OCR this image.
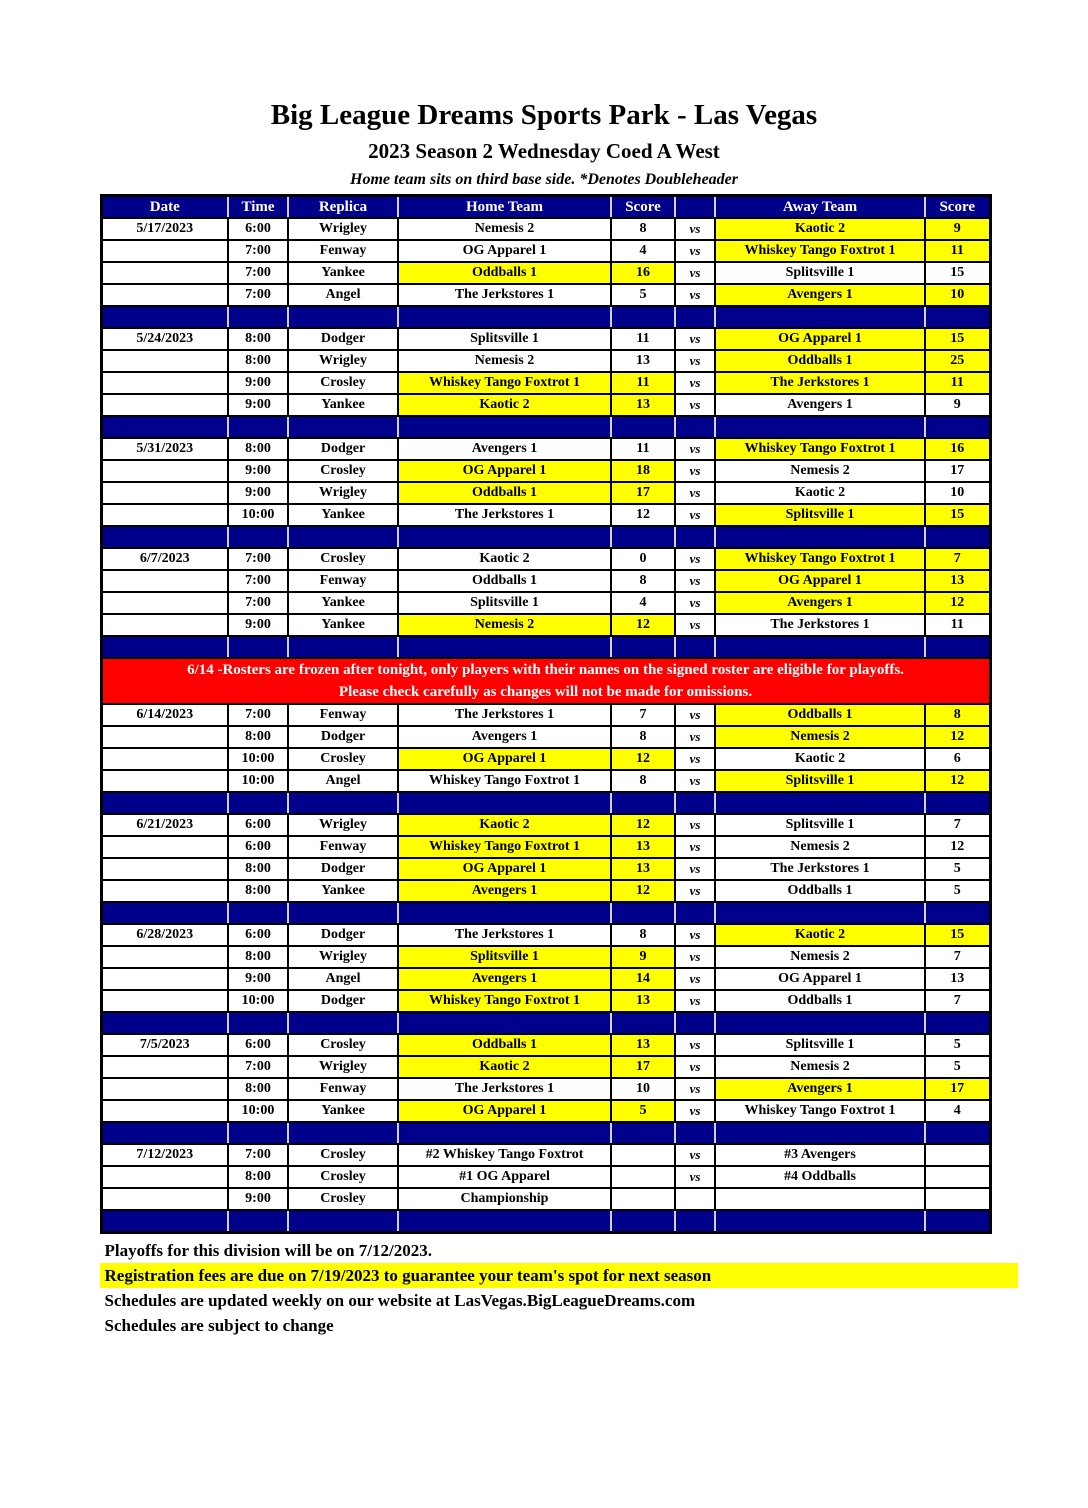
Big League Dreams Sports Park - Las Vegas
2023 Season 2 Wednesday Coed A West
Home team sits on third base side. *Denotes Doubleheader
Date	Time	Replica	Home Team	Score		Away Team	Score
5/17/2023	6:00	Wrigley	Nemesis 2	8	vs	Kaotic 2	9
	7:00	Fenway	OG Apparel 1	4	vs	Whiskey Tango Foxtrot 1	11
	7:00	Yankee	Oddballs 1	16	vs	Splitsville 1	15
	7:00	Angel	The Jerkstores 1	5	vs	Avengers 1	10

5/24/2023	8:00	Dodger	Splitsville 1	11	vs	OG Apparel 1	15
	8:00	Wrigley	Nemesis 2	13	vs	Oddballs 1	25
	9:00	Crosley	Whiskey Tango Foxtrot 1	11	vs	The Jerkstores 1	11
	9:00	Yankee	Kaotic 2	13	vs	Avengers 1	9

5/31/2023	8:00	Dodger	Avengers 1	11	vs	Whiskey Tango Foxtrot 1	16
	9:00	Crosley	OG Apparel 1	18	vs	Nemesis 2	17
	9:00	Wrigley	Oddballs 1	17	vs	Kaotic 2	10
	10:00	Yankee	The Jerkstores 1	12	vs	Splitsville 1	15

6/7/2023	7:00	Crosley	Kaotic 2	0	vs	Whiskey Tango Foxtrot 1	7
	7:00	Fenway	Oddballs 1	8	vs	OG Apparel 1	13
	7:00	Yankee	Splitsville 1	4	vs	Avengers 1	12
	9:00	Yankee	Nemesis 2	12	vs	The Jerkstores 1	11

6/14 -Rosters are frozen after tonight, only players with their names on the signed roster are eligible for playoffs.
Please check carefully as changes will not be made for omissions.							

6/14/2023	7:00	Fenway	The Jerkstores 1	7	vs	Oddballs 1	8
	8:00	Dodger	Avengers 1	8	vs	Nemesis 2	12
	10:00	Crosley	OG Apparel 1	12	vs	Kaotic 2	6
	10:00	Angel	Whiskey Tango Foxtrot 1	8	vs	Splitsville 1	12

6/21/2023	6:00	Wrigley	Kaotic 2	12	vs	Splitsville 1	7
	6:00	Fenway	Whiskey Tango Foxtrot 1	13	vs	Nemesis 2	12
	8:00	Dodger	OG Apparel 1	13	vs	The Jerkstores 1	5
	8:00	Yankee	Avengers 1	12	vs	Oddballs 1	5

6/28/2023	6:00	Dodger	The Jerkstores 1	8	vs	Kaotic 2	15
	8:00	Wrigley	Splitsville 1	9	vs	Nemesis 2	7
	9:00	Angel	Avengers 1	14	vs	OG Apparel 1	13
	10:00	Dodger	Whiskey Tango Foxtrot 1	13	vs	Oddballs 1	7

7/5/2023	6:00	Crosley	Oddballs 1	13	vs	Splitsville 1	5
	7:00	Wrigley	Kaotic 2	17	vs	Nemesis 2	5
	8:00	Fenway	The Jerkstores 1	10	vs	Avengers 1	17
	10:00	Yankee	OG Apparel 1	5	vs	Whiskey Tango Foxtrot 1	4

7/12/2023	7:00	Crosley	#2 Whiskey Tango Foxtrot		vs	#3 Avengers	
	8:00	Crosley	#1 OG Apparel		vs	#4 Oddballs	
	9:00	Crosley	Championship				

Playoffs for this division will be on 7/12/2023.
Registration fees are due on 7/19/2023 to guarantee your team's spot for next season
Schedules are updated weekly on our website at LasVegas.BigLeagueDreams.com
Schedules are subject to change
